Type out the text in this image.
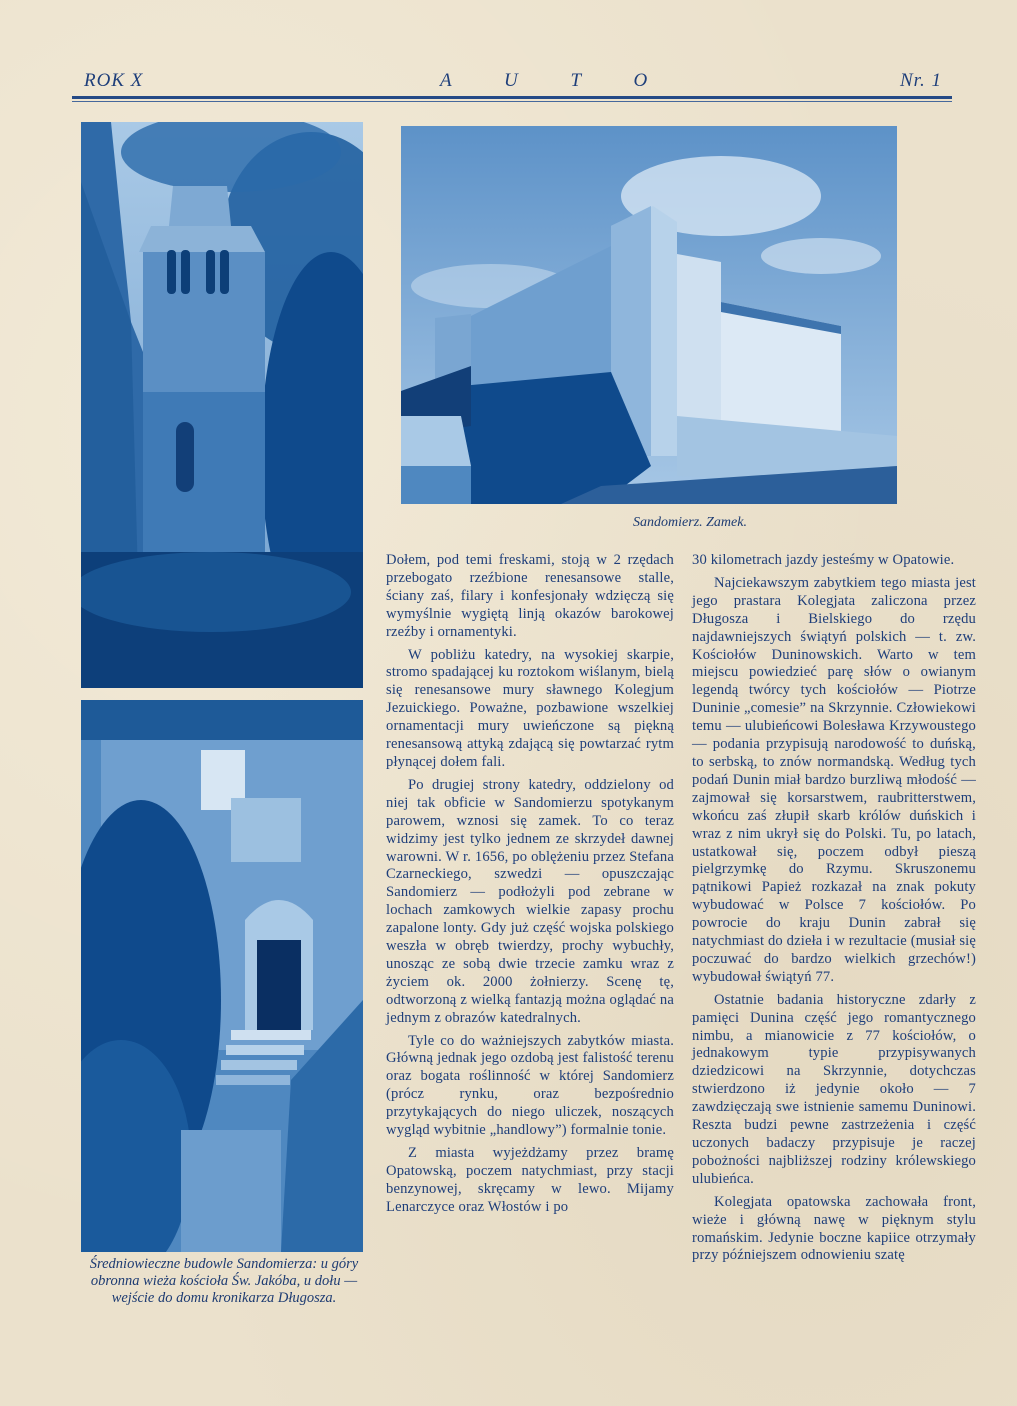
ROK X	A U T O	Nr. 1
Średniowieczne budowle Sandomierza: u góry obronna wieża kościoła Św. Jakóba, u dołu — wejście do domu kronikarza Długosza.
Sandomierz. Zamek.

Dołem, pod temi freskami, stoją w 2 rzędach przebogato rzeźbione renesansowe stalle, ściany zaś, filary i konfesjonały wdzięczą się wymyślnie wygiętą linją okazów barokowej rzeźby i ornamentyki.

W pobliżu katedry, na wysokiej skarpie, stromo spadającej ku roztokom wiślanym, bielą się renesansowe mury sławnego Kolegjum Jezuickiego. Poważne, pozbawione wszelkiej ornamentacji mury uwieńczone są piękną renesansową attyką zdającą się powtarzać rytm płynącej dołem fali.

Po drugiej strony katedry, oddzielony od niej tak obficie w Sandomierzu spotykanym parowem, wznosi się zamek. To co teraz widzimy jest tylko jednem ze skrzydeł dawnej warowni. W r. 1656, po oblężeniu przez Stefana Czarneckiego, szwedzi — opuszczając Sandomierz — podłożyli pod zebrane w lochach zamkowych wielkie zapasy prochu zapalone lonty. Gdy już część wojska polskiego weszła w obręb twierdzy, prochy wybuchły, unosząc ze sobą dwie trzecie zamku wraz z życiem ok. 2000 żołnierzy. Scenę tę, odtworzoną z wielką fantazją można oglądać na jednym z obrazów katedralnych.

Tyle co do ważniejszych zabytków miasta. Główną jednak jego ozdobą jest falistość terenu oraz bogata roślinność w której Sandomierz (prócz rynku, oraz bezpośrednio przytykających do niego uliczek, noszących wygląd wybitnie „handlowy”) formalnie tonie.

Z miasta wyjeżdżamy przez bramę Opatowską, poczem natychmiast, przy stacji benzynowej, skręcamy w lewo. Mijamy Lenarczyce oraz Włostów i po

30 kilometrach jazdy jesteśmy w Opatowie.

Najciekawszym zabytkiem tego miasta jest jego prastara Kolegjata zaliczona przez Długosza i Bielskiego do rzędu najdawniejszych świątyń polskich — t. zw. Kościołów Duninowskich. Warto w tem miejscu powiedzieć parę słów o owianym legendą twórcy tych kościołów — Piotrze Duninie „comesie” na Skrzynnie. Człowiekowi temu — ulubieńcowi Bolesława Krzywoustego — podania przypisują narodowość to duńską, to serbską, to znów normandską. Według tych podań Dunin miał bardzo burzliwą młodość — zajmował się korsarstwem, raubritterstwem, wkońcu zaś złupił skarb królów duńskich i wraz z nim ukrył się do Polski. Tu, po latach, ustatkował się, poczem odbył pieszą pielgrzymkę do Rzymu. Skruszonemu pątnikowi Papież rozkazał na znak pokuty wybudować w Polsce 7 kościołów. Po powrocie do kraju Dunin zabrał się natychmiast do dzieła i w rezultacie (musiał się poczuwać do bardzo wielkich grzechów!) wybudował świątyń 77.

Ostatnie badania historyczne zdarły z pamięci Dunina część jego romantycznego nimbu, a mianowicie z 77 kościołów, o jednakowym typie przypisywanych dziedzicowi na Skrzynnie, dotychczas stwierdzono iż jedynie około — 7 zawdzięczają swe istnienie samemu Duninowi. Reszta budzi pewne zastrzeżenia i część uczonych badaczy przypisuje je raczej pobożności najbliższej rodziny królewskiego ulubieńca.

Kolegjata opatowska zachowała front, wieże i główną nawę w pięknym stylu romańskim. Jedynie boczne kapiice otrzymały przy późniejszem odnowieniu szatę
